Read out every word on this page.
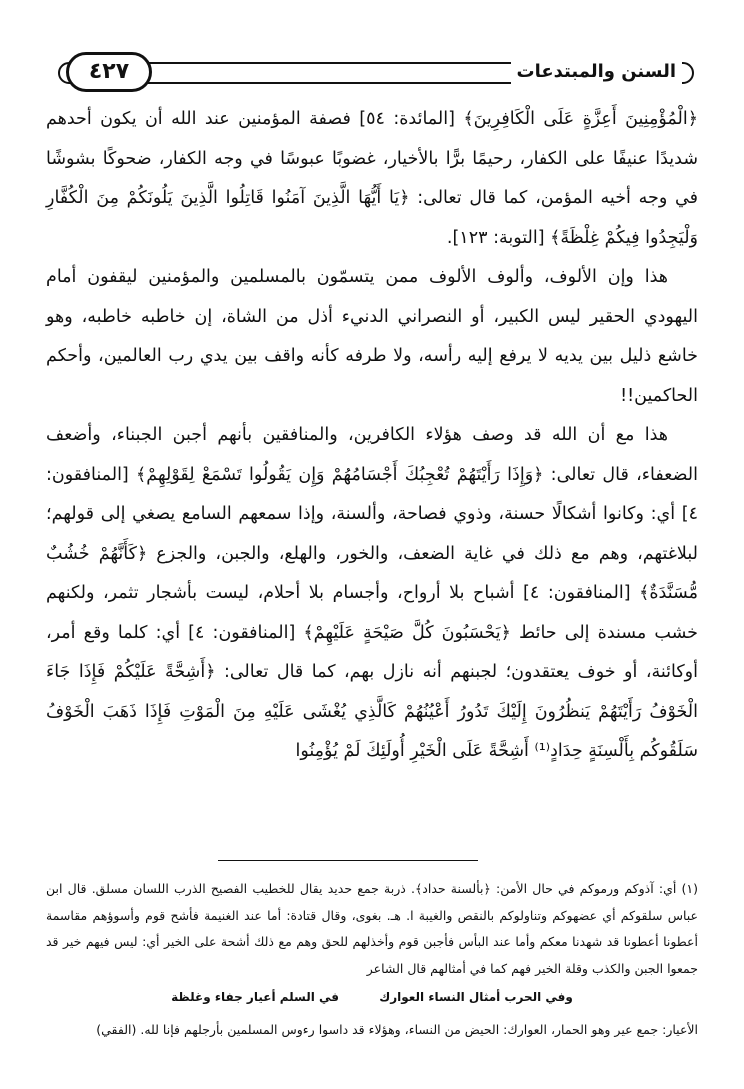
السنن والمبتدعات
٤٢٧

﴿الْمُؤْمِنِينَ أَعِزَّةٍ عَلَى الْكَافِرِينَ﴾ [المائدة: ٥٤] فصفة المؤمنين عند الله أن يكون أحدهم شديدًا عنيفًا على الكفار، رحيمًا برًّا بالأخيار، غضوبًا عبوسًا في وجه الكفار، ضحوكًا بشوشًا في وجه أخيه المؤمن، كما قال تعالى: ﴿يَا أَيُّهَا الَّذِينَ آمَنُوا قَاتِلُوا الَّذِينَ يَلُونَكُمْ مِنَ الْكُفَّارِ وَلْيَجِدُوا فِيكُمْ غِلْظَةً﴾ [التوبة: ١٢٣].

هذا وإن الألوف، وألوف الألوف ممن يتسمّون بالمسلمين والمؤمنين ليقفون أمام اليهودي الحقير ليس الكبير، أو النصراني الدنيء أذل من الشاة، إن خاطبه خاطبه، وهو خاشع ذليل بين يديه لا يرفع إليه رأسه، ولا طرفه كأنه واقف بين يدي رب العالمين، وأحكم الحاكمين!!

هذا مع أن الله قد وصف هؤلاء الكافرين، والمنافقين بأنهم أجبن الجبناء، وأضعف الضعفاء، قال تعالى: ﴿وَإِذَا رَأَيْتَهُمْ تُعْجِبُكَ أَجْسَامُهُمْ وَإِن يَقُولُوا تَسْمَعْ لِقَوْلِهِمْ﴾ [المنافقون: ٤] أي: وكانوا أشكالًا حسنة، وذوي فصاحة، وألسنة، وإذا سمعهم السامع يصغي إلى قولهم؛ لبلاغتهم، وهم مع ذلك في غاية الضعف، والخور، والهلع، والجبن، والجزع ﴿كَأَنَّهُمْ خُشُبٌ مُّسَنَّدَةٌ﴾ [المنافقون: ٤] أشباح بلا أرواح، وأجسام بلا أحلام، ليست بأشجار تثمر، ولكنهم خشب مسندة إلى حائط ﴿يَحْسَبُونَ كُلَّ صَيْحَةٍ عَلَيْهِمْ﴾ [المنافقون: ٤] أي: كلما وقع أمر، أوكائنة، أو خوف يعتقدون؛ لجبنهم أنه نازل بهم، كما قال تعالى: ﴿أَشِحَّةً عَلَيْكُمْ فَإِذَا جَاءَ الْخَوْفُ رَأَيْتَهُمْ يَنظُرُونَ إِلَيْكَ تَدُورُ أَعْيُنُهُمْ كَالَّذِي يُغْشَى عَلَيْهِ مِنَ الْمَوْتِ فَإِذَا ذَهَبَ الْخَوْفُ سَلَقُوكُم بِأَلْسِنَةٍ حِدَادٍ⁽¹⁾ أَشِحَّةً عَلَى الْخَيْرِ أُولَئِكَ لَمْ يُؤْمِنُوا

(١) أي: آذوكم ورموكم في حال الأمن: ﴿بألسنة حداد﴾. ذربة جمع حديد يقال للخطيب الفصيح الذرب اللسان مسلق. قال ابن عباس سلقوكم أي عضهوكم وتناولوكم بالنقص والغيبة ا. هـ. بغوى، وقال قتادة: أما عند الغنيمة فأشح قوم وأسوؤهم مقاسمة أعطونا أعطونا قد شهدنا معكم وأما عند البأس فأجبن قوم وأخذلهم للحق وهم مع ذلك أشحة على الخير أي: ليس فيهم خير قد جمعوا الجبن والكذب وقلة الخير فهم كما في أمثالهم قال الشاعر

وفي الحرب أمثال النساء العوارك في السلم أعيار جفاء وغلظة

الأعيار: جمع عير وهو الحمار، العوارك: الحيض من النساء، وهؤلاء قد داسوا رءوس المسلمين بأرجلهم فإنا لله. (الفقي)
